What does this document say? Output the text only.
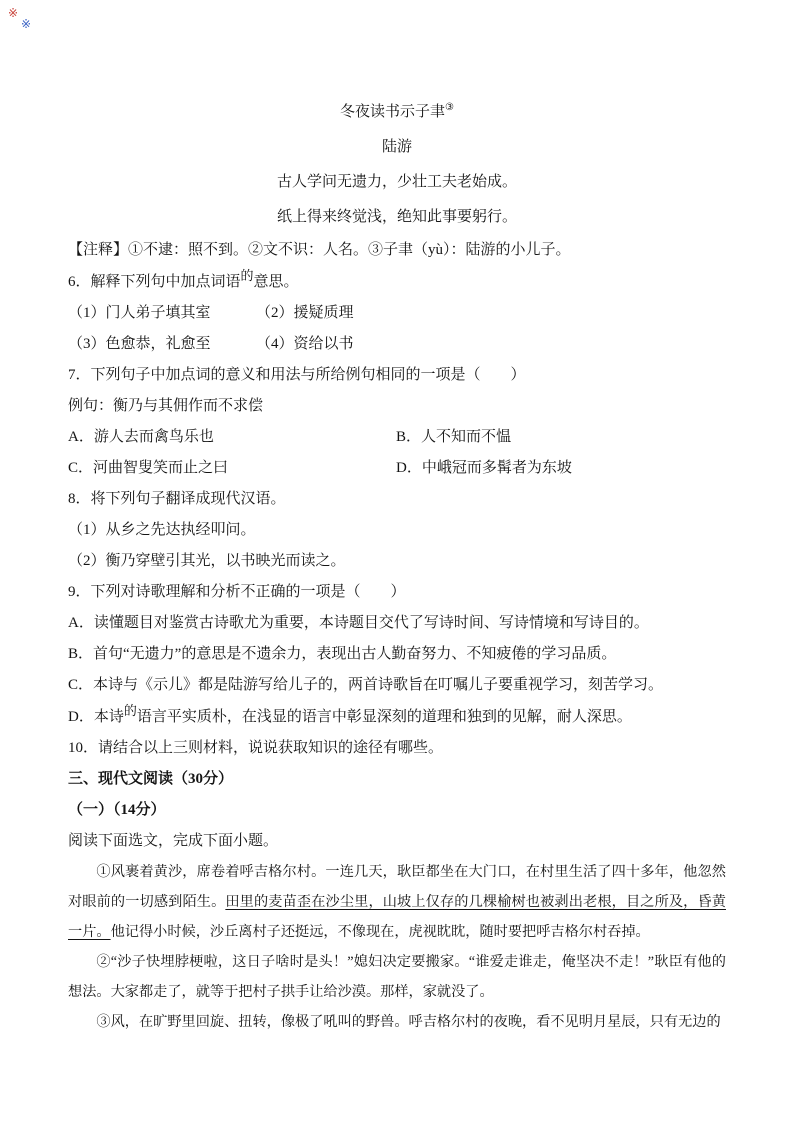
※
※
冬夜读书示子聿③
陆游
古人学问无遗力，少壮工夫老始成。
纸上得来终觉浅，绝知此事要躬行。
【注释】①不逮：照不到。②文不识：人名。③子聿（yù）：陆游的小儿子。
6．解释下列句中加点词语的意思。
（1）门人弟子填其室	（2）援疑质理
（3）色愈恭，礼愈至	（4）资给以书
7．下列句子中加点词的意义和用法与所给例句相同的一项是（　　）
例句：衡乃与其佣作而不求偿
A．游人去而禽鸟乐也	B．人不知而不愠
C．河曲智叟笑而止之曰	D．中峨冠而多髯者为东坡
8．将下列句子翻译成现代汉语。
（1）从乡之先达执经叩问。
（2）衡乃穿壁引其光，以书映光而读之。
9．下列对诗歌理解和分析不正确的一项是（　　）
A．读懂题目对鉴赏古诗歌尤为重要，本诗题目交代了写诗时间、写诗情境和写诗目的。
B．首句“无遗力”的意思是不遗余力，表现出古人勤奋努力、不知疲倦的学习品质。
C．本诗与《示儿》都是陆游写给儿子的，两首诗歌旨在叮嘱儿子要重视学习，刻苦学习。
D．本诗的语言平实质朴，在浅显的语言中彰显深刻的道理和独到的见解，耐人深思。
10．请结合以上三则材料，说说获取知识的途径有哪些。
三、现代文阅读（30分）
（一）（14分）
阅读下面选文，完成下面小题。
①风裹着黄沙，席卷着呼吉格尔村。一连几天，耿臣都坐在大门口，在村里生活了四十多年，他忽然对眼前的一切感到陌生。田里的麦苗歪在沙尘里，山坡上仅存的几棵榆树也被剥出老根，目之所及，昏黄一片。他记得小时候，沙丘离村子还挺远，不像现在，虎视眈眈，随时要把呼吉格尔村吞掉。
②“沙子快埋脖梗啦，这日子啥时是头！”媳妇决定要搬家。“谁爱走谁走，俺坚决不走！”耿臣有他的想法。大家都走了，就等于把村子拱手让给沙漠。那样，家就没了。
③风，在旷野里回旋、扭转，像极了吼叫的野兽。呼吉格尔村的夜晚，看不见明月星辰，只有无边的
